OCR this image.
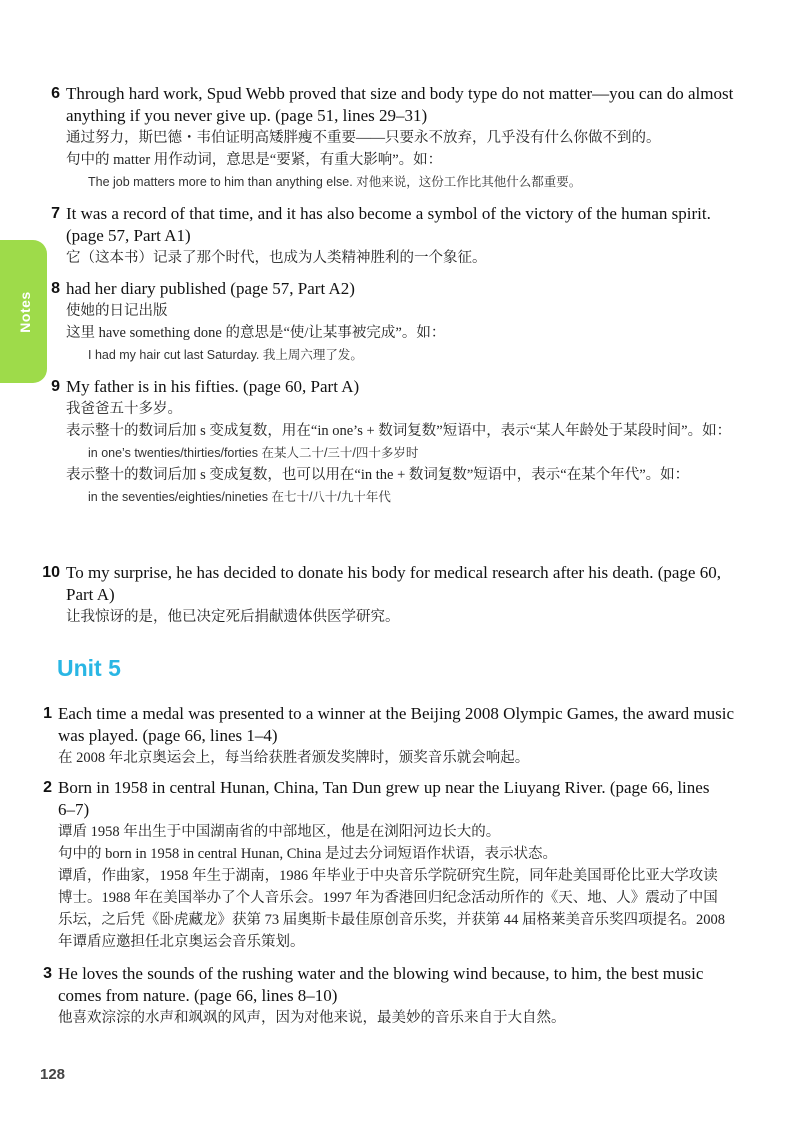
Notes
6 Through hard work, Spud Webb proved that size and body type do not matter—you can do almost anything if you never give up. (page 51, lines 29–31)

通过努力，斯巴德・韦伯证明高矮胖瘦不重要——只要永不放弃，几乎没有什么你做不到的。

句中的 matter 用作动词，意思是“要紧，有重大影响”。如：

The job matters more to him than anything else. 对他来说，这份工作比其他什么都重要。

7 It was a record of that time, and it has also become a symbol of the victory of the human spirit. (page 57, Part A1)

它（这本书）记录了那个时代，也成为人类精神胜利的一个象征。

8 had her diary published (page 57, Part A2)

使她的日记出版

这里 have something done 的意思是“使/让某事被完成”。如：

I had my hair cut last Saturday. 我上周六理了发。

9 My father is in his fifties. (page 60, Part A)

我爸爸五十多岁。

表示整十的数词后加 s 变成复数，用在“in one’s + 数词复数”短语中，表示“某人年龄处于某段时间”。如：

in one’s twenties/thirties/forties 在某人二十/三十/四十多岁时

表示整十的数词后加 s 变成复数，也可以用在“in the + 数词复数”短语中，表示“在某个年代”。如：

in the seventies/eighties/nineties 在七十/八十/九十年代

10 To my surprise, he has decided to donate his body for medical research after his death. (page 60, Part A)

让我惊讶的是，他已决定死后捐献遗体供医学研究。

Unit 5
1 Each time a medal was presented to a winner at the Beijing 2008 Olympic Games, the award music was played. (page 66, lines 1–4)

在 2008 年北京奥运会上，每当给获胜者颁发奖牌时，颁奖音乐就会响起。

2 Born in 1958 in central Hunan, China, Tan Dun grew up near the Liuyang River. (page 66, lines 6–7)

谭盾 1958 年出生于中国湖南省的中部地区，他是在浏阳河边长大的。

句中的 born in 1958 in central Hunan, China 是过去分词短语作状语，表示状态。

谭盾，作曲家，1958 年生于湖南，1986 年毕业于中央音乐学院研究生院，同年赴美国哥伦比亚大学攻读博士。1988 年在美国举办了个人音乐会。1997 年为香港回归纪念活动所作的《天、地、人》震动了中国乐坛，之后凭《卧虎藏龙》获第 73 届奥斯卡最佳原创音乐奖，并获第 44 届格莱美音乐奖四项提名。2008 年谭盾应邀担任北京奥运会音乐策划。

3 He loves the sounds of the rushing water and the blowing wind because, to him, the best music comes from nature. (page 66, lines 8–10)

他喜欢淙淙的水声和飒飒的风声，因为对他来说，最美妙的音乐来自于大自然。

128
